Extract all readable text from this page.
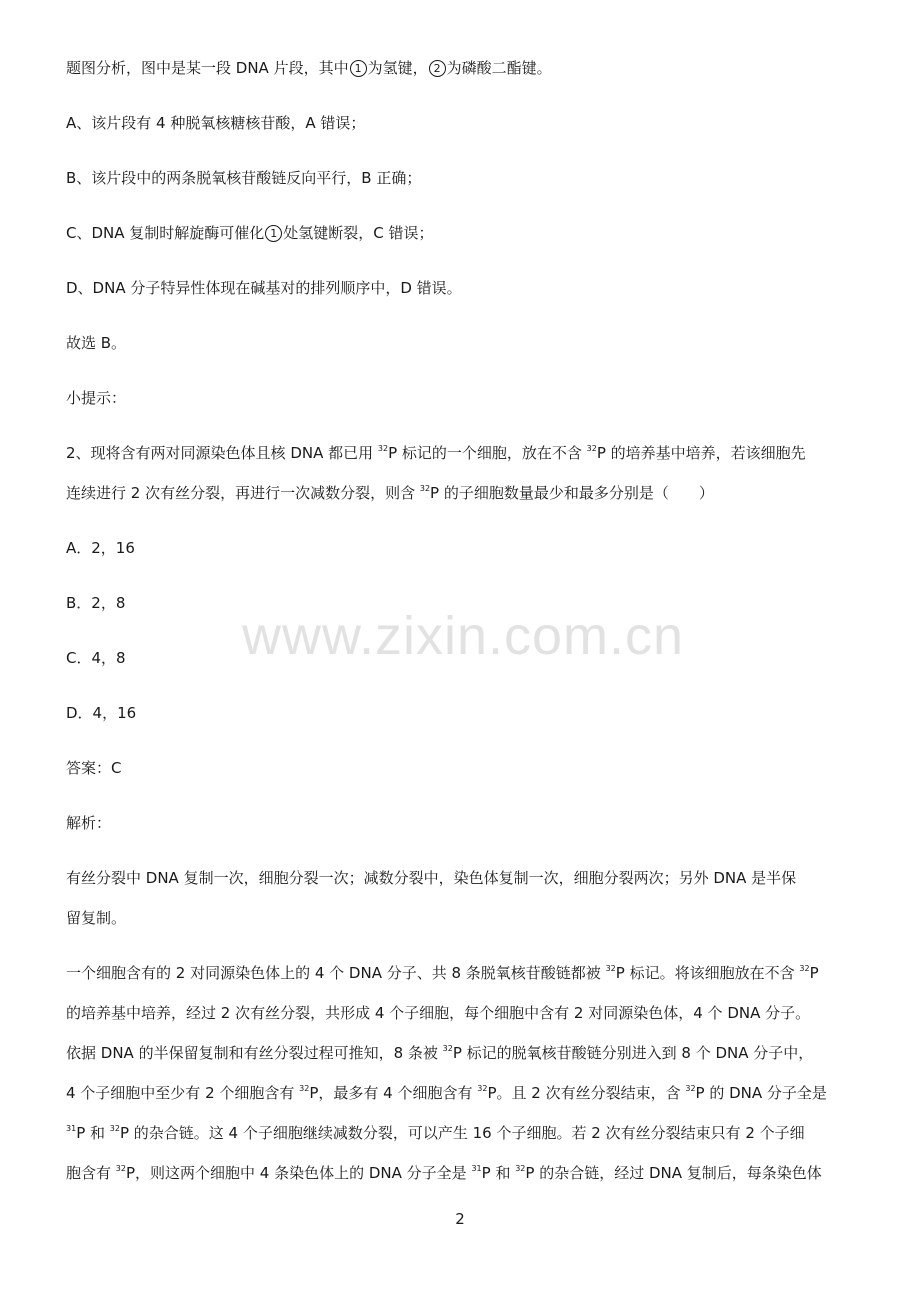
题图分析，图中是某一段 DNA 片段，其中 1 为氢键， 2 为磷酸二酯键。
A、该片段有 4 种脱氧核糖核苷酸，A 错误；
B、该片段中的两条脱氧核苷酸链反向平行，B 正确；
C、DNA 复制时解旋酶可催化 1 处氢键断裂，C 错误；
D、DNA 分子特异性体现在碱基对的排列顺序中，D 错误。
故选 B。
小提示：
2、现将含有两对同源染色体且核 DNA 都已用 $^{32}$P 标记的一个细胞，放在不含 $^{32}$P 的培养基中培养，若该细胞先
连续进行 2 次有丝分裂，再进行一次减数分裂，则含 $^{32}$P 的子细胞数量最少和最多分别是（　　）
A．2，16
B．2，8
C．4，8
D．4，16
答案：C
解析：
有丝分裂中 DNA 复制一次，细胞分裂一次；减数分裂中，染色体复制一次，细胞分裂两次；另外 DNA 是半保
留复制。
一个细胞含有的 2 对同源染色体上的 4 个 DNA 分子、共 8 条脱氧核苷酸链都被 $^{32}$P 标记。将该细胞放在不含 $^{32}$P
的培养基中培养，经过 2 次有丝分裂，共形成 4 个子细胞，每个细胞中含有 2 对同源染色体，4 个 DNA 分子。
依据 DNA 的半保留复制和有丝分裂过程可推知，8 条被 $^{32}$P 标记的脱氧核苷酸链分别进入到 8 个 DNA 分子中，
4 个子细胞中至少有 2 个细胞含有 $^{32}$P，最多有 4 个细胞含有 $^{32}$P。且 2 次有丝分裂结束，含 $^{32}$P 的 DNA 分子全是
$^{31}$P 和 $^{32}$P 的杂合链。这 4 个子细胞继续减数分裂，可以产生 16 个子细胞。若 2 次有丝分裂结束只有 2 个子细
胞含有 $^{32}$P，则这两个细胞中 4 条染色体上的 DNA 分子全是 $^{31}$P 和 $^{32}$P 的杂合链，经过 DNA 复制后，每条染色体
www.zixin.com.cn
2
